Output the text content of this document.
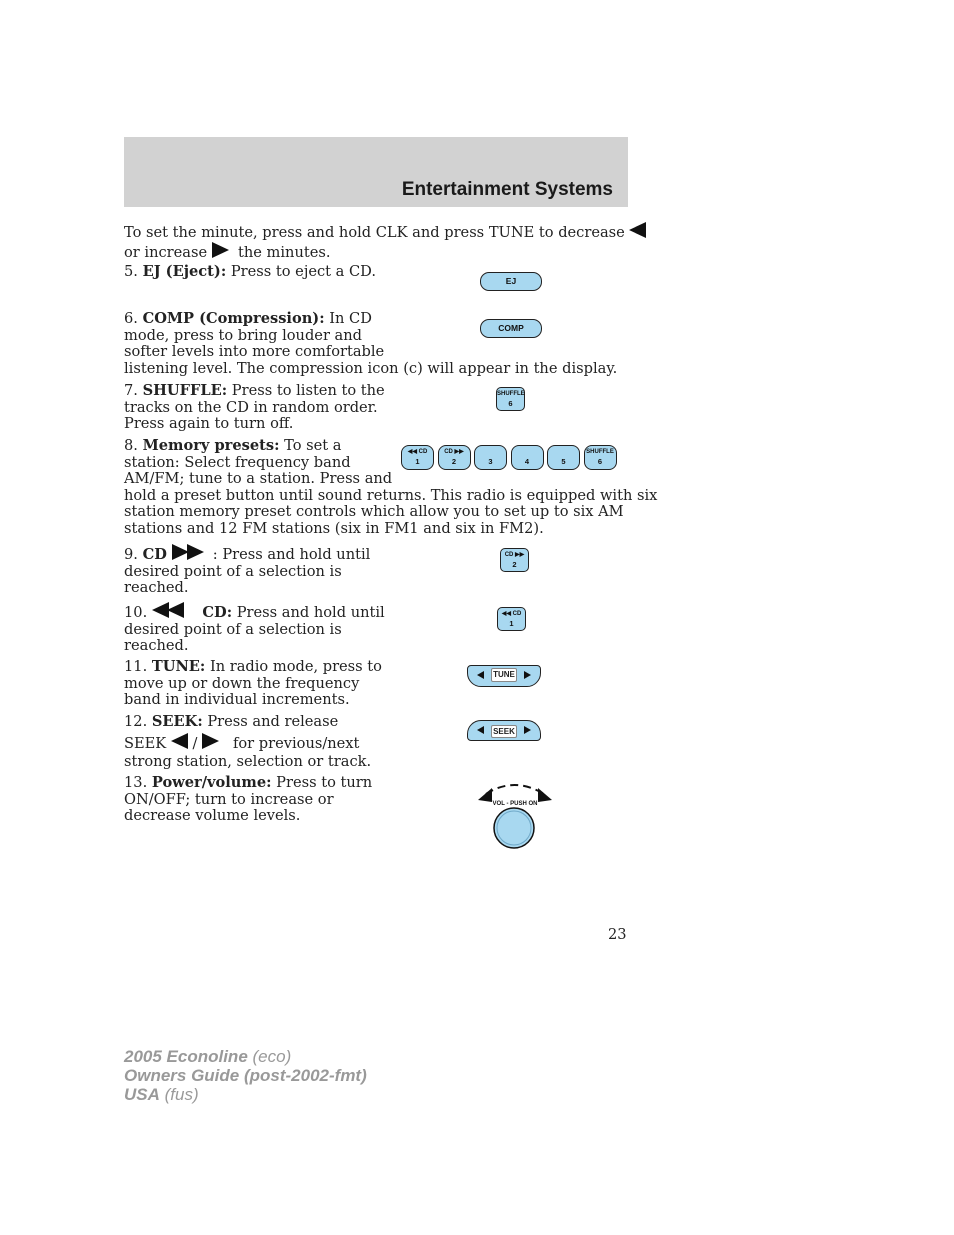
Entertainment Systems
To set the minute, press and hold CLK and press TUNE to decrease
or increase the minutes.
5. EJ (Eject): Press to eject a CD.
EJ
6. COMP (Compression): In CD
mode, press to bring louder and
softer levels into more comfortable
listening level. The compression icon (c) will appear in the display.
COMP
7. SHUFFLE: Press to listen to the
tracks on the CD in random order.
Press again to turn off.
SHUFFLE
6
8. Memory presets: To set a
station: Select frequency band
AM/FM; tune to a station. Press and
hold a preset button until sound returns. This radio is equipped with six
station memory preset controls which allow you to set up to six AM
stations and 12 FM stations (six in FM1 and six in FM2).
◀◀ CD
1
CD ▶▶
2
	3
	4
	5
SHUFFLE
6
9. CD	: Press and hold until
desired point of a selection is
reached.
CD ▶▶
2
10.	CD: Press and hold until
desired point of a selection is
reached.
◀◀ CD
1
11. TUNE: In radio mode, press to
move up or down the frequency
band in individual increments.
TUNE
12. SEEK: Press and release
SEEK / for previous/next
strong station, selection or track.
SEEK
13. Power/volume: Press to turn
ON/OFF; turn to increase or
decrease volume levels.
VOL - PUSH ON
23
2005 Econoline (eco)
Owners Guide (post-2002-fmt)
USA (fus)
